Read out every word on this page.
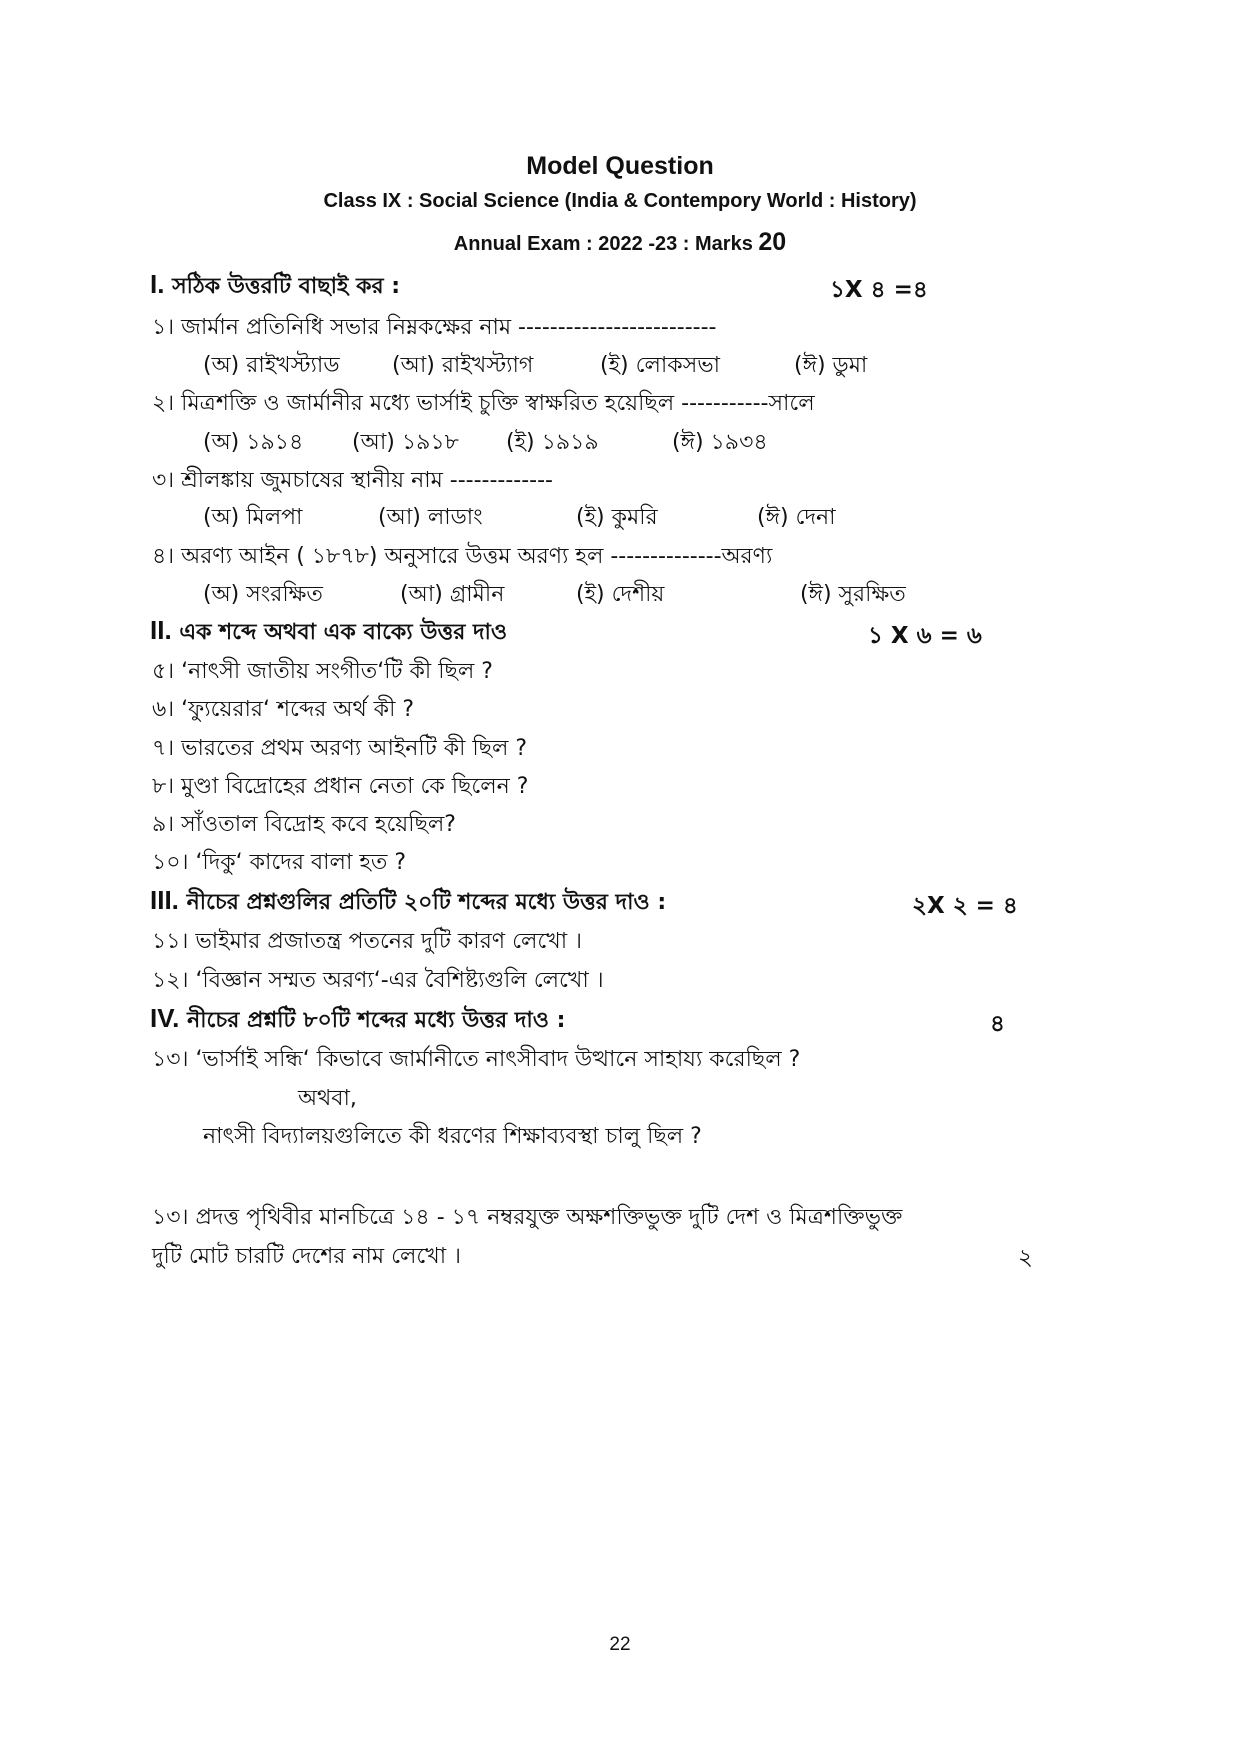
Model Question
Class IX : Social Science (India & Contempory World : History)
Annual Exam : 2022 -23 : Marks 20
I. সঠিক উত্তরটি বাছাই কর :	১X ৪ =৪
১। জার্মান প্রতিনিধি সভার নিম্নকক্ষের নাম -------------------------
(অ) রাইখস্ট্যাড (আ) রাইখস্ট্যাগ	(ই) লোকসভা	(ঈ) ডুমা
২। মিত্রশক্তি ও জার্মানীর মধ্যে ভার্সাই চুক্তি স্বাক্ষরিত হয়েছিল -----------সালে
(অ) ১৯১৪ (আ) ১৯১৮ (ই) ১৯১৯	(ঈ) ১৯৩৪
৩। শ্রীলঙ্কায় জুমচাষের স্থানীয় নাম -------------
(অ) মিলপা	(আ) লাডাং	(ই) কুমরি	(ঈ) দেনা
৪। অরণ্য আইন ( ১৮৭৮) অনুসারে উত্তম অরণ্য হল --------------অরণ্য
(অ) সংরক্ষিত	(আ) গ্রামীন	(ই) দেশীয়	(ঈ) সুরক্ষিত
II. এক শব্দে অথবা এক বাক্যে উত্তর দাও	১ X ৬ = ৬
৫। ‘নাৎসী জাতীয় সংগীত‘টি কী ছিল ?
৬। ‘ফ্যুয়েরার‘ শব্দের অর্থ কী ?
৭। ভারতের প্রথম অরণ্য আইনটি কী ছিল ?
৮। মুণ্ডা বিদ্রোহের প্রধান নেতা কে ছিলেন ?
৯। সাঁওতাল বিদ্রোহ কবে হয়েছিল?
১০। ‘দিকু‘ কাদের বালা হত ?
III. নীচের প্রশ্নগুলির প্রতিটি ২০টি শব্দের মধ্যে উত্তর দাও :	২X ২ = ৪
১১। ভাইমার প্রজাতন্ত্র পতনের দুটি কারণ লেখো ।
১২। ‘বিজ্ঞান সম্মত অরণ্য‘-এর বৈশিষ্ট্যগুলি লেখো ।
IV. নীচের প্রশ্নটি ৮০টি শব্দের মধ্যে উত্তর দাও :	৪
১৩। ‘ভার্সাই সন্ধি‘ কিভাবে জার্মানীতে নাৎসীবাদ উত্থানে সাহায্য করেছিল ?
অথবা,
নাৎসী বিদ্যালয়গুলিতে কী ধরণের শিক্ষাব্যবস্থা চালু ছিল ?
১৩। প্রদত্ত পৃথিবীর মানচিত্রে ১৪ - ১৭ নম্বরযুক্ত অক্ষশক্তিভুক্ত দুটি দেশ ও মিত্রশক্তিভুক্ত
দুটি মোট চারটি দেশের নাম লেখো ।	২
22
